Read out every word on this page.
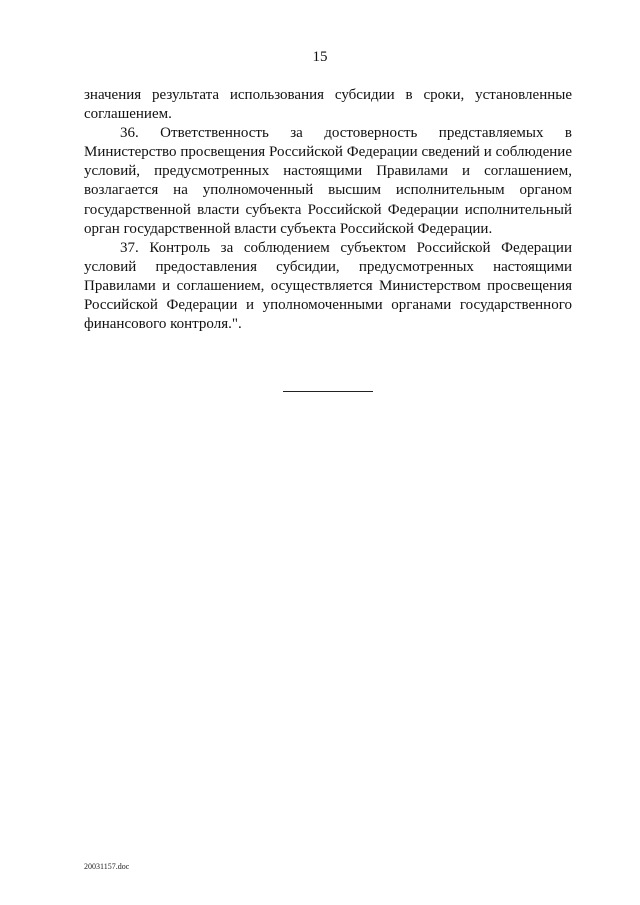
15

значения результата использования субсидии в сроки, установленные соглашением.

36. Ответственность за достоверность представляемых в Министерство просвещения Российской Федерации сведений и соблюдение условий, предусмотренных настоящими Правилами и соглашением, возлагается на уполномоченный высшим исполнительным органом государственной власти субъекта Российской Федерации исполнительный орган государственной власти субъекта Российской Федерации.

37. Контроль за соблюдением субъектом Российской Федерации условий предоставления субсидии, предусмотренных настоящими Правилами и соглашением, осуществляется Министерством просвещения Российской Федерации и уполномоченными органами государственного финансового контроля.".

20031157.doc
